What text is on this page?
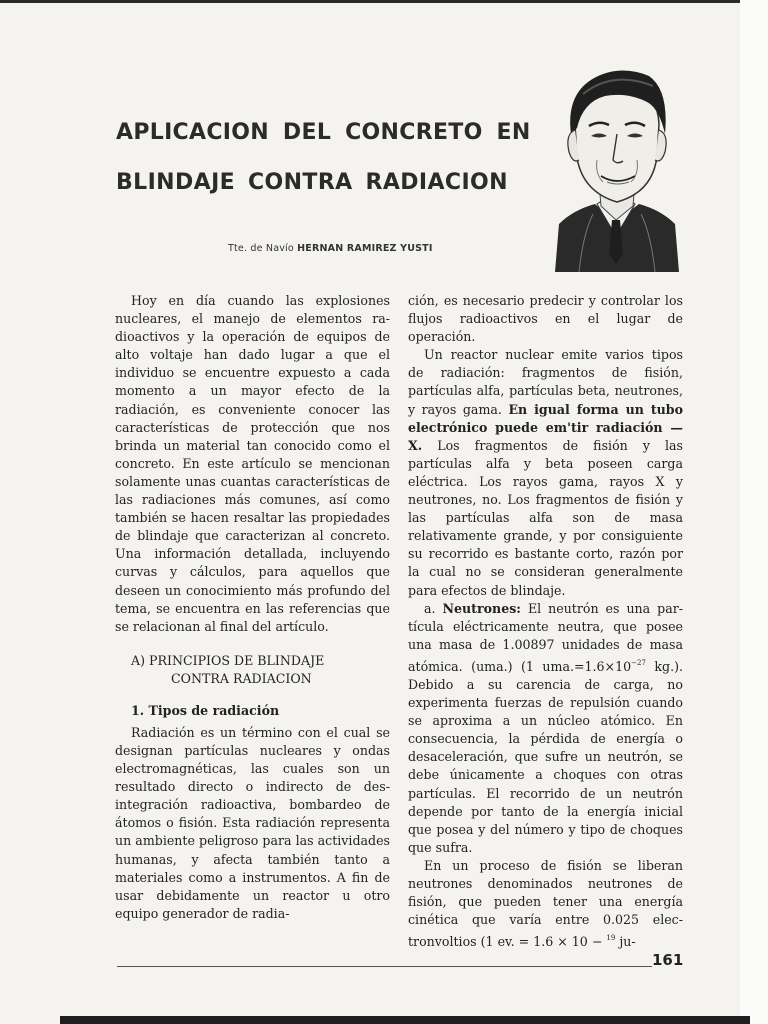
APLICACION DEL CONCRETO EN
BLINDAJE CONTRA RADIACION
Tte. de Navío HERNAN RAMIREZ YUSTI

Hoy en día cuando las explosiones nucleares, el manejo de elementos radioactivos y la operación de equipos de alto voltaje han dado lugar a que el individuo se encuentre expuesto a cada momento a un mayor efecto de la radiación, es conveniente conocer las características de protección que nos brinda un material tan conocido como el concreto. En este artículo se mencionan solamente unas cuantas características de las radiaciones más comunes, así como también se hacen resaltar las propiedades de blindaje que caracterizan al concreto. Una información detallada, incluyendo curvas y cálculos, para aquellos que deseen un conocimiento más profundo del tema, se encuentra en las referencias que se relacionan al final del artículo.

A) PRINCIPIOS DE BLINDAJE
CONTRA RADIACION
1. Tipos de radiación

Radiación es un término con el cual se designan partículas nucleares y ondas electromagnéticas, las cuales son un resultado directo o indirecto de desintegración radioactiva, bombardeo de átomos o fisión. Esta radiación representa un ambiente peligroso para las actividades humanas, y afecta también tanto a materiales como a instrumentos. A fin de usar debidamente un reactor u otro equipo generador de radia-

ción, es necesario predecir y controlar los flujos radioactivos en el lugar de operación.

Un reactor nuclear emite varios tipos de radiación: fragmentos de fisión, partículas alfa, partículas beta, neutrones, y rayos gama. En igual forma un tubo electrónico puede em'tir radiación —X. Los fragmentos de fisión y las partículas alfa y beta poseen carga eléctrica. Los rayos gama, rayos X y neutrones, no. Los fragmentos de fisión y las partículas alfa son de masa relativamente grande, y por consiguiente su recorrido es bastante corto, razón por la cual no se consideran generalmente para efectos de blindaje.

a. Neutrones: El neutrón es una partícula eléctricamente neutra, que posee una masa de 1.00897 unidades de masa atómica. (uma.) (1 $uma.=1.6\times 10^{-27}$ kg.). Debido a su carencia de carga, no experimenta fuerzas de repulsión cuando se aproxima a un núcleo atómico. En consecuencia, la pérdida de energía o desaceleración, que sufre un neutrón, se debe únicamente a choques con otras partículas. El recorrido de un neutrón depende por tanto de la energía inicial que posea y del número y tipo de choques que sufra.

En un proceso de fisión se liberan neutrones denominados neutrones de fisión, que pueden tener una energía cinética que varía entre 0.025 electronvoltios (1 ev. = 1.6 × 10 − $^{19}$ ju-

161
